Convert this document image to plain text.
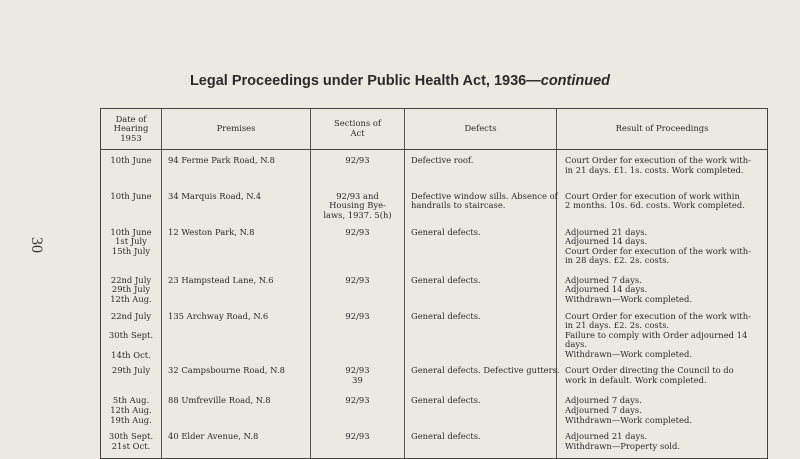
30
Legal Proceedings under Public Health Act, 1936—continued
Date of
Hearing
1953	Premises	Sections of
Act	Defects	Result of Proceedings

10th June	94 Ferme Park Road, N.8	92/93	Defective roof.	Court Order for execution of the work with-
in 21 days. £1. 1s. costs. Work completed.

10th June	34 Marquis Road, N.4	92/93 and
Housing Bye-
laws, 1937. 5(h)	Defective window sills. Absence of
handrails to staircase.	Court Order for execution of work within
2 months. 10s. 6d. costs. Work completed.

10th June
1st July
15th July	12 Weston Park, N.8	92/93	General defects.	Adjourned 21 days.
Adjourned 14 days.
Court Order for execution of the work with-
in 28 days. £2. 2s. costs.

22nd July
29th July
12th Aug.	23 Hampstead Lane, N.6	92/93	General defects.	Adjourned 7 days.
Adjourned 14 days.
Withdrawn—Work completed.

22nd July
30th Sept.
14th Oct.	135 Archway Road, N.6	92/93	General defects.	Court Order for execution of the work with-
in 21 days. £2. 2s. costs.
Failure to comply with Order adjourned 14
days.
Withdrawn—Work completed.

29th July	32 Campsbourne Road, N.8	92/93
39	General defects. Defective gutters.	Court Order directing the Council to do
work in default. Work completed.

5th Aug.
12th Aug.
19th Aug.	88 Umfreville Road, N.8	92/93	General defects.	Adjourned 7 days.
Adjourned 7 days.
Withdrawn—Work completed.

30th Sept.
21st Oct.	40 Elder Avenue, N.8	92/93	General defects.	Adjourned 21 days.
Withdrawn—Property sold.
